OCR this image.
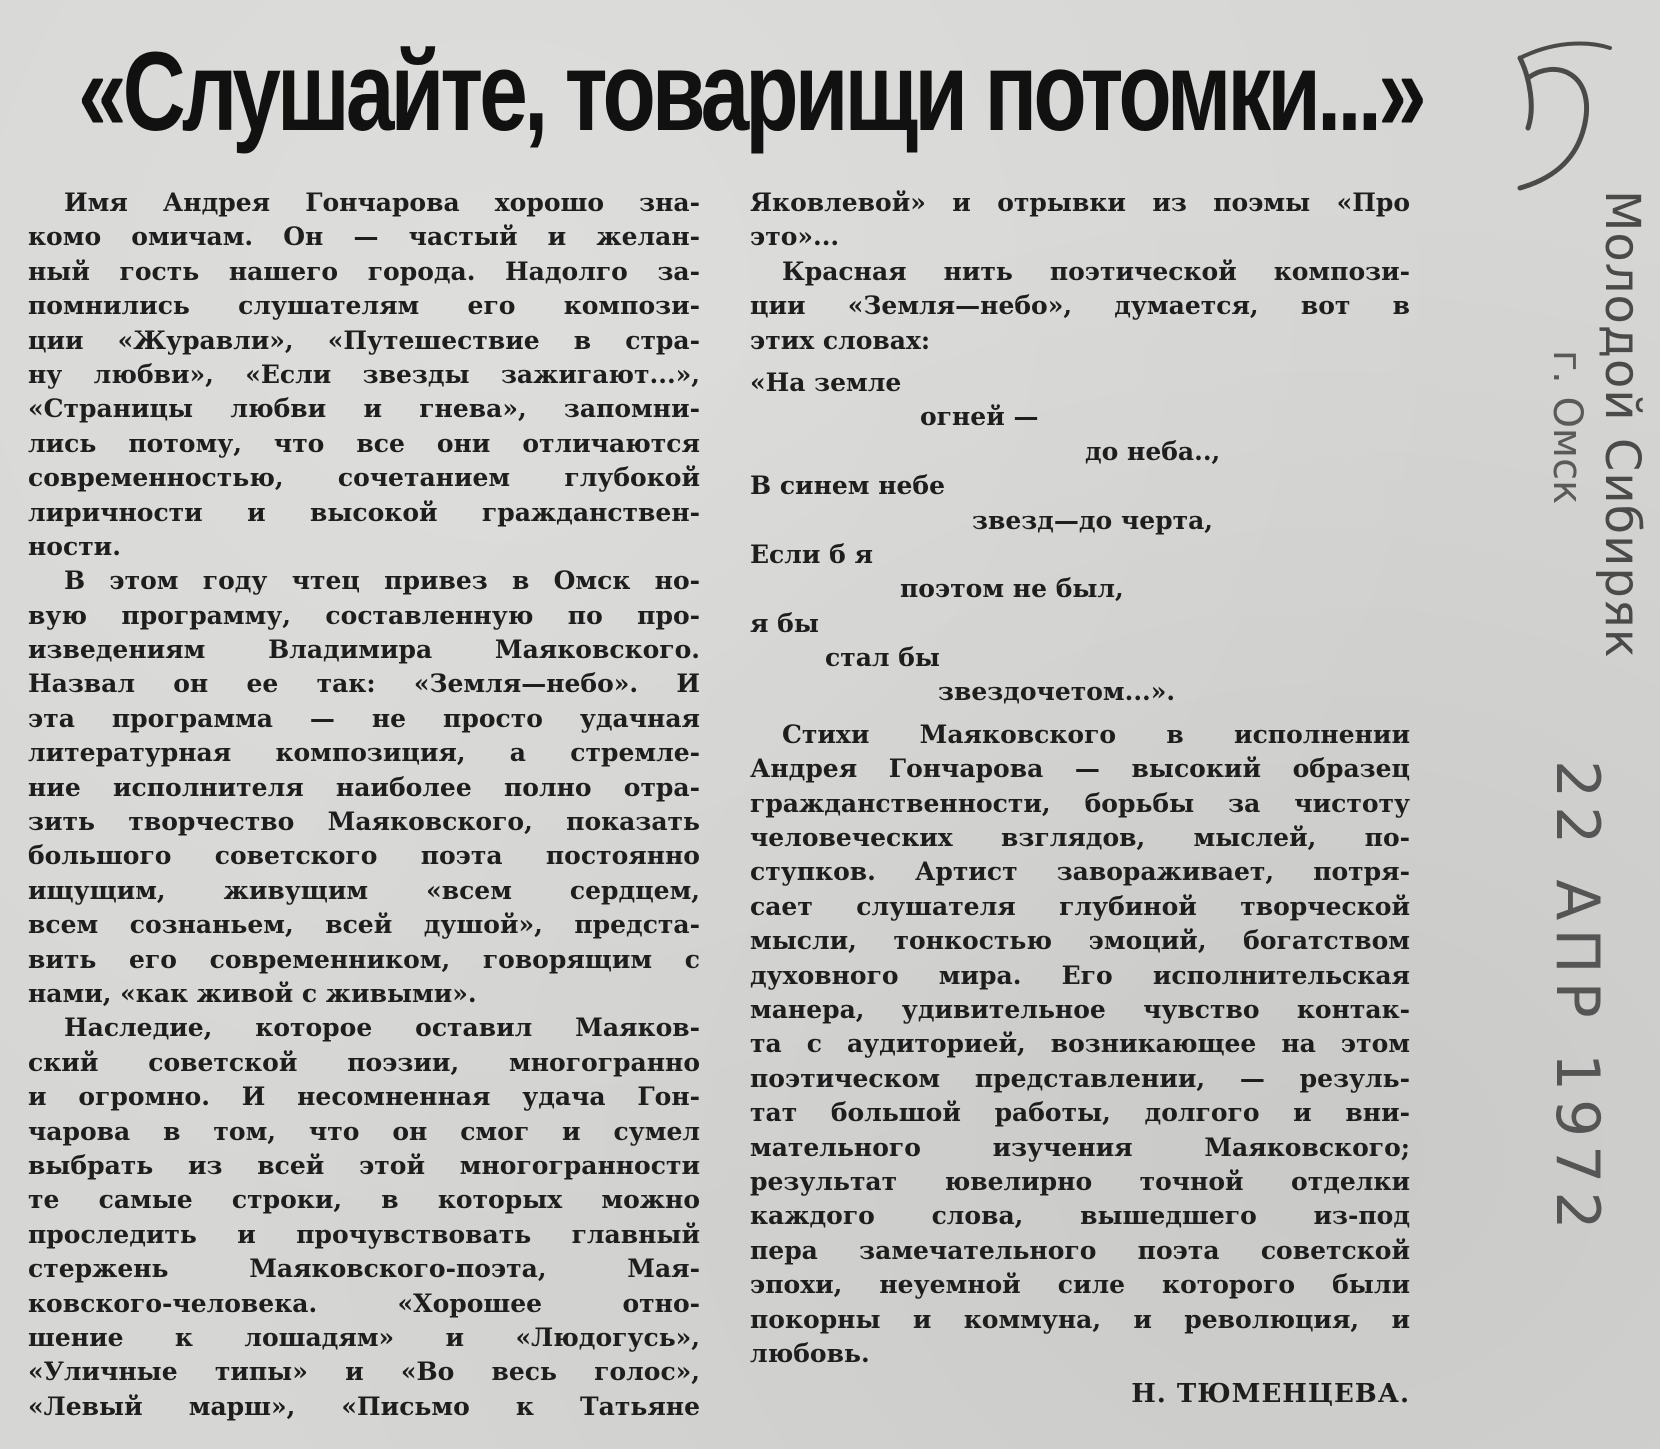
«Слушайте, товарищи потомки...»
Имя Андрея Гончарова хорошо зна-
комо омичам. Он — частый и желан-
ный гость нашего города. Надолго за-
помнились слушателям его компози-
ции «Журавли», «Путешествие в стра-
ну любви», «Если звезды зажигают...»,
«Страницы любви и гнева», запомни-
лись потому, что все они отличаются
современностью, сочетанием глубокой
лиричности и высокой гражданствен-
ности.
В этом году чтец привез в Омск но-
вую программу, составленную по про-
изведениям Владимира Маяковского.
Назвал он ее так: «Земля—небо». И
эта программа — не просто удачная
литературная композиция, а стремле-
ние исполнителя наиболее полно отра-
зить творчество Маяковского, показать
большого советского поэта постоянно
ищущим, живущим «всем сердцем,
всем сознаньем, всей душой», предста-
вить его современником, говорящим с
нами, «как живой с живыми».
Наследие, которое оставил Маяков-
ский советской поэзии, многогранно
и огромно. И несомненная удача Гон-
чарова в том, что он смог и сумел
выбрать из всей этой многогранности
те самые строки, в которых можно
проследить и прочувствовать главный
стержень Маяковского-поэта, Мая-
ковского-человека. «Хорошее отно-
шение к лошадям» и «Людогусь»,
«Уличные типы» и «Во весь голос»,
«Левый марш», «Письмо к Татьяне
Яковлевой» и отрывки из поэмы «Про
это»...
Красная нить поэтической компози-
ции «Земля—небо», думается, вот в
этих словах:
«На земле
огней —
до неба..,
В синем небе
звезд—до черта,
Если б я
поэтом не был,
я бы
стал бы
звездочетом...».
Стихи Маяковского в исполнении
Андрея Гончарова — высокий образец
гражданственности, борьбы за чистоту
человеческих взглядов, мыслей, по-
ступков. Артист завораживает, потря-
сает слушателя глубиной творческой
мысли, тонкостью эмоций, богатством
духовного мира. Его исполнительская
манера, удивительное чувство контак-
та с аудиторией, возникающее на этом
поэтическом представлении, — резуль-
тат большой работы, долгого и вни-
мательного изучения Маяковского;
результат ювелирно точной отделки
каждого слова, вышедшего из-под
пера замечательного поэта советской
эпохи, неуемной силе которого были
покорны и коммуна, и революция, и
любовь.
Н. ТЮМЕНЦЕВА.
Молодой Сибиряк
г. Омск
22 АПР 1972
